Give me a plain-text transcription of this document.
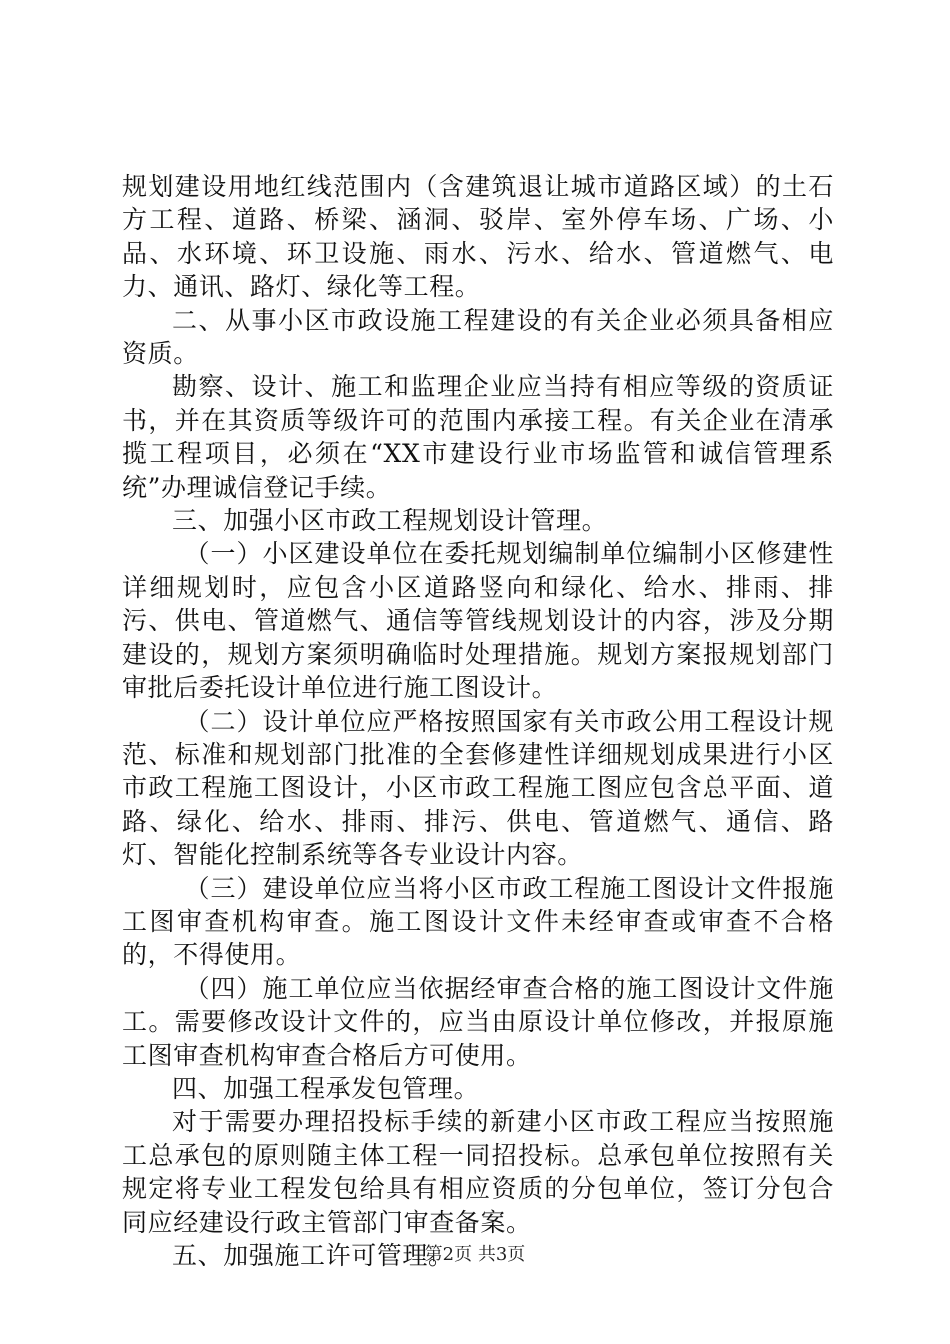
规划建设用地红线范围内（含建筑退让城市道路区域）的土石方工程、道路、桥梁、涵洞、驳岸、室外停车场、广场、小品、水环境、环卫设施、雨水、污水、给水、管道燃气、电力、通讯、路灯、绿化等工程。

二、从事小区市政设施工程建设的有关企业必须具备相应资质。

勘察、设计、施工和监理企业应当持有相应等级的资质证书，并在其资质等级许可的范围内承接工程。有关企业在清承揽工程项目，必须在“XX市建设行业市场监管和诚信管理系统”办理诚信登记手续。

三、加强小区市政工程规划设计管理。

（一）小区建设单位在委托规划编制单位编制小区修建性详细规划时，应包含小区道路竖向和绿化、给水、排雨、排污、供电、管道燃气、通信等管线规划设计的内容，涉及分期建设的，规划方案须明确临时处理措施。规划方案报规划部门审批后委托设计单位进行施工图设计。

（二）设计单位应严格按照国家有关市政公用工程设计规范、标准和规划部门批准的全套修建性详细规划成果进行小区市政工程施工图设计，小区市政工程施工图应包含总平面、道路、绿化、给水、排雨、排污、供电、管道燃气、通信、路灯、智能化控制系统等各专业设计内容。

（三）建设单位应当将小区市政工程施工图设计文件报施工图审查机构审查。施工图设计文件未经审查或审查不合格的，不得使用。

（四）施工单位应当依据经审查合格的施工图设计文件施工。需要修改设计文件的，应当由原设计单位修改，并报原施工图审查机构审查合格后方可使用。

四、加强工程承发包管理。

对于需要办理招投标手续的新建小区市政工程应当按照施工总承包的原则随主体工程一同招投标。总承包单位按照有关规定将专业工程发包给具有相应资质的分包单位，签订分包合同应经建设行政主管部门审查备案。

五、加强施工许可管理。

第2页 共3页
